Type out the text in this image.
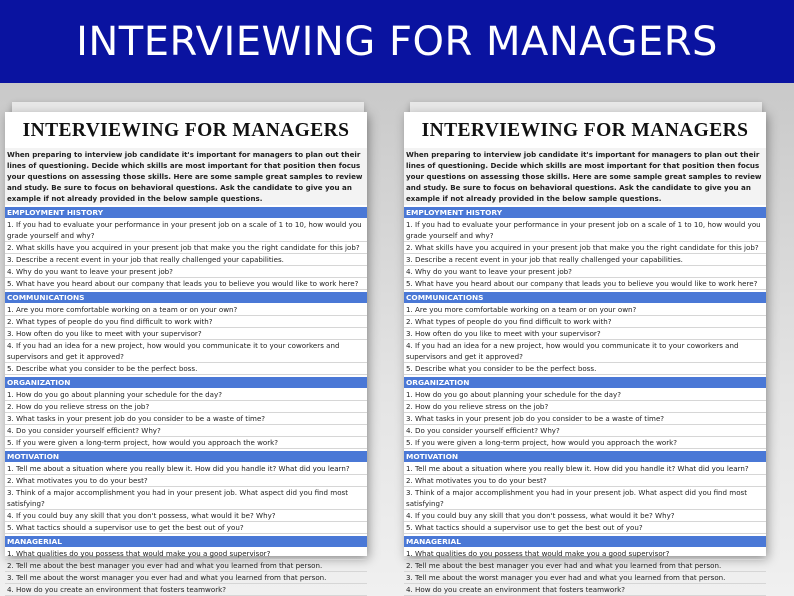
INTERVIEWING FOR MANAGERS
INTERVIEWING FOR MANAGERS
When preparing to interview job candidate it's important for managers to plan out their lines of questioning. Decide which skills are most important for that position then focus your questions on assessing those skills. Here are some sample great samples to review and study. Be sure to focus on behavioral questions. Ask the candidate to give you an example if not already provided in the below sample questions.
EMPLOYMENT HISTORY
1. If you had to evaluate your performance in your present job on a scale of 1 to 10, how would you grade yourself and why?
2. What skills have you acquired in your present job that make you the right candidate for this job?
3. Describe a recent event in your job that really challenged your capabilities.
4. Why do you want to leave your present job?
5. What have you heard about our company that leads you to believe you would like to work here?
COMMUNICATIONS
1. Are you more comfortable working on a team or on your own?
2. What types of people do you find difficult to work with?
3. How often do you like to meet with your supervisor?
4. If you had an idea for a new project, how would you communicate it to your coworkers and supervisors and get it approved?
5. Describe what you consider to be the perfect boss.
ORGANIZATION
1. How do you go about planning your schedule for the day?
2. How do you relieve stress on the job?
3. What tasks in your present job do you consider to be a waste of time?
4. Do you consider yourself efficient? Why?
5. If you were given a long-term project, how would you approach the work?
MOTIVATION
1. Tell me about a situation where you really blew it. How did you handle it? What did you learn?
2. What motivates you to do your best?
3. Think of a major accomplishment you had in your present job. What aspect did you find most satisfying?
4. If you could buy any skill that you don't possess, what would it be? Why?
5. What tactics should a supervisor use to get the best out of you?
MANAGERIAL
1. What qualities do you possess that would make you a good supervisor?
2. Tell me about the best manager you ever had and what you learned from that person.
3. Tell me about the worst manager you ever had and what you learned from that person.
4. How do you create an environment that fosters teamwork?
INTERVIEWING FOR MANAGERS
When preparing to interview job candidate it's important for managers to plan out their lines of questioning. Decide which skills are most important for that position then focus your questions on assessing those skills. Here are some sample great samples to review and study. Be sure to focus on behavioral questions. Ask the candidate to give you an example if not already provided in the below sample questions.
EMPLOYMENT HISTORY
1. If you had to evaluate your performance in your present job on a scale of 1 to 10, how would you grade yourself and why?
2. What skills have you acquired in your present job that make you the right candidate for this job?
3. Describe a recent event in your job that really challenged your capabilities.
4. Why do you want to leave your present job?
5. What have you heard about our company that leads you to believe you would like to work here?
COMMUNICATIONS
1. Are you more comfortable working on a team or on your own?
2. What types of people do you find difficult to work with?
3. How often do you like to meet with your supervisor?
4. If you had an idea for a new project, how would you communicate it to your coworkers and supervisors and get it approved?
5. Describe what you consider to be the perfect boss.
ORGANIZATION
1. How do you go about planning your schedule for the day?
2. How do you relieve stress on the job?
3. What tasks in your present job do you consider to be a waste of time?
4. Do you consider yourself efficient? Why?
5. If you were given a long-term project, how would you approach the work?
MOTIVATION
1. Tell me about a situation where you really blew it. How did you handle it? What did you learn?
2. What motivates you to do your best?
3. Think of a major accomplishment you had in your present job. What aspect did you find most satisfying?
4. If you could buy any skill that you don't possess, what would it be? Why?
5. What tactics should a supervisor use to get the best out of you?
MANAGERIAL
1. What qualities do you possess that would make you a good supervisor?
2. Tell me about the best manager you ever had and what you learned from that person.
3. Tell me about the worst manager you ever had and what you learned from that person.
4. How do you create an environment that fosters teamwork?
